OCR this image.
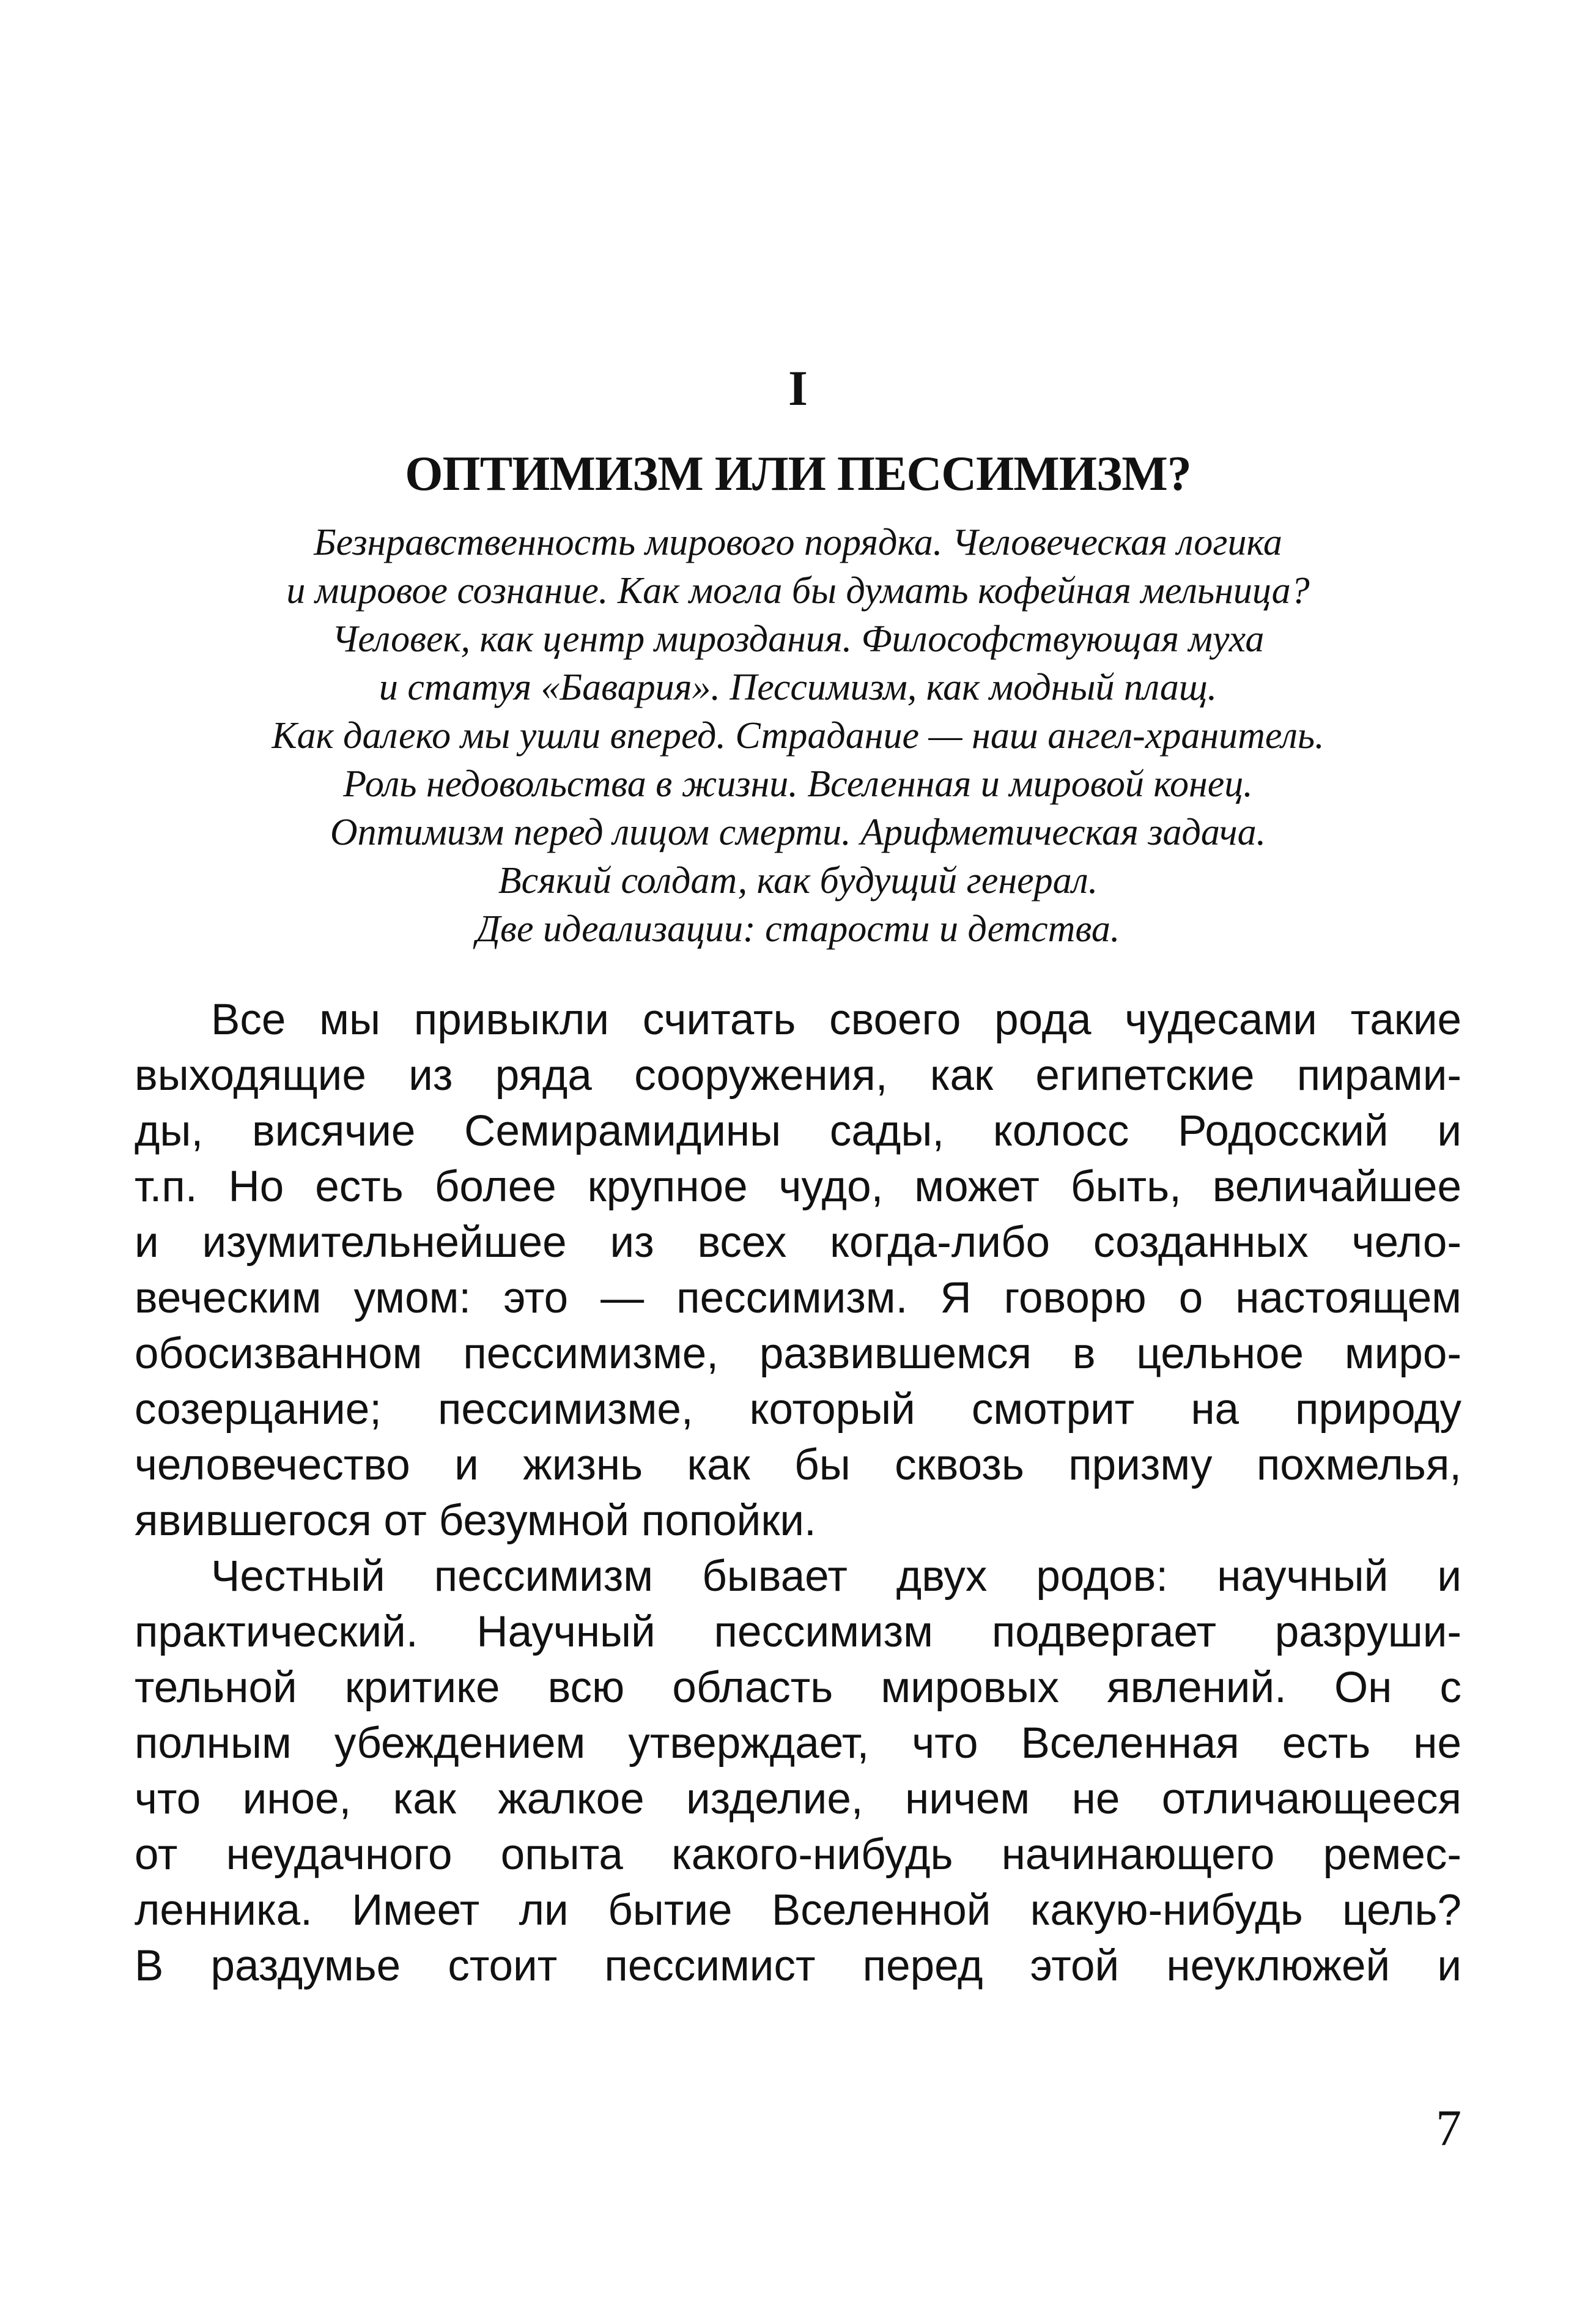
I
ОПТИМИЗМ ИЛИ ПЕССИМИЗМ?
Безнравственность мирового порядка. Человеческая логика
и мировое сознание. Как могла бы думать кофейная мельница?
Человек, как центр мироздания. Философствующая муха
и статуя «Бавария». Пессимизм, как модный плащ.
Как далеко мы ушли вперед. Страдание — наш ангел-хранитель.
Роль недовольства в жизни. Вселенная и мировой конец.
Оптимизм перед лицом смерти. Арифметическая задача.
Всякий солдат, как будущий генерал.
Две идеализации: старости и детства.
Все мы привыкли считать своего рода чудесами такие
выходящие из ряда сооружения, как египетские пирами-
ды, висячие Семирамидины сады, колосс Родосский и
т.п. Но есть более крупное чудо, может быть, величайшее
и изумительнейшее из всех когда-либо созданных чело-
веческим умом: это — пессимизм. Я говорю о настоящем
обосизванном пессимизме, развившемся в цельное миро-
созерцание; пессимизме, который смотрит на природу
человечество и жизнь как бы сквозь призму похмелья,
явившегося от безумной попойки.
Честный пессимизм бывает двух родов: научный и
практический. Научный пессимизм подвергает разруши-
тельной критике всю область мировых явлений. Он с
полным убеждением утверждает, что Вселенная есть не
что иное, как жалкое изделие, ничем не отличающееся
от неудачного опыта какого-нибудь начинающего ремес-
ленника. Имеет ли бытие Вселенной какую-нибудь цель?
В раздумье стоит пессимист перед этой неуклюжей и
7
